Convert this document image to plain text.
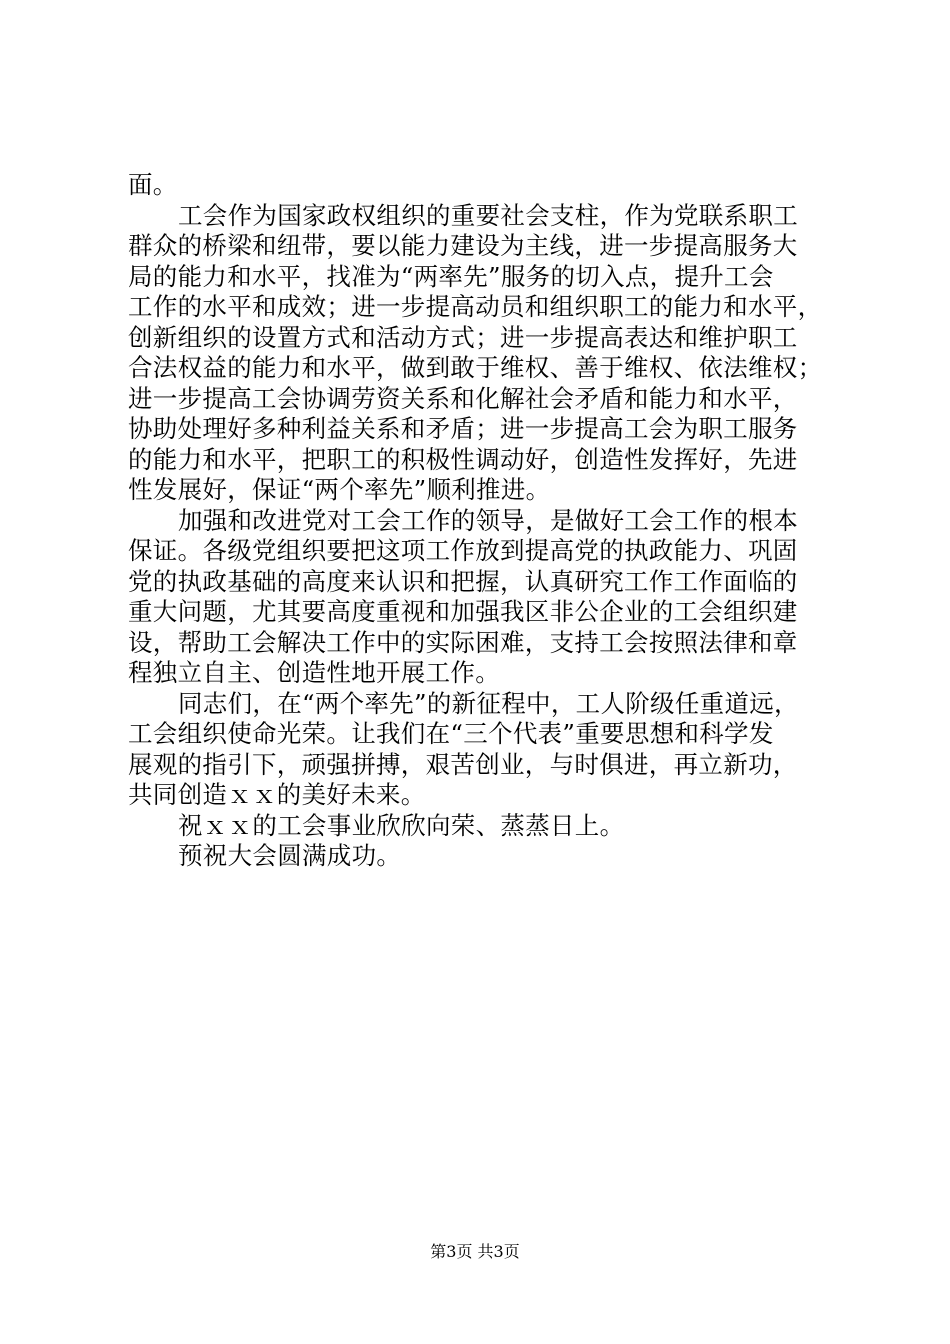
面。
工会作为国家政权组织的重要社会支柱，作为党联系职工
群众的桥梁和纽带，要以能力建设为主线，进一步提高服务大
局的能力和水平，找准为“两率先”服务的切入点，提升工会
工作的水平和成效；进一步提高动员和组织职工的能力和水平，
创新组织的设置方式和活动方式；进一步提高表达和维护职工
合法权益的能力和水平，做到敢于维权、善于维权、依法维权；
进一步提高工会协调劳资关系和化解社会矛盾和能力和水平，
协助处理好多种利益关系和矛盾；进一步提高工会为职工服务
的能力和水平，把职工的积极性调动好，创造性发挥好，先进
性发展好，保证“两个率先”顺利推进。
加强和改进党对工会工作的领导，是做好工会工作的根本
保证。各级党组织要把这项工作放到提高党的执政能力、巩固
党的执政基础的高度来认识和把握，认真研究工作工作面临的
重大问题，尤其要高度重视和加强我区非公企业的工会组织建
设，帮助工会解决工作中的实际困难，支持工会按照法律和章
程独立自主、创造性地开展工作。
同志们，在“两个率先”的新征程中，工人阶级任重道远，
工会组织使命光荣。让我们在“三个代表”重要思想和科学发
展观的指引下，顽强拼搏，艰苦创业，与时俱进，再立新功，
共同创造ｘｘ的美好未来。
祝ｘｘ的工会事业欣欣向荣、蒸蒸日上。
预祝大会圆满成功。
第3页 共3页
